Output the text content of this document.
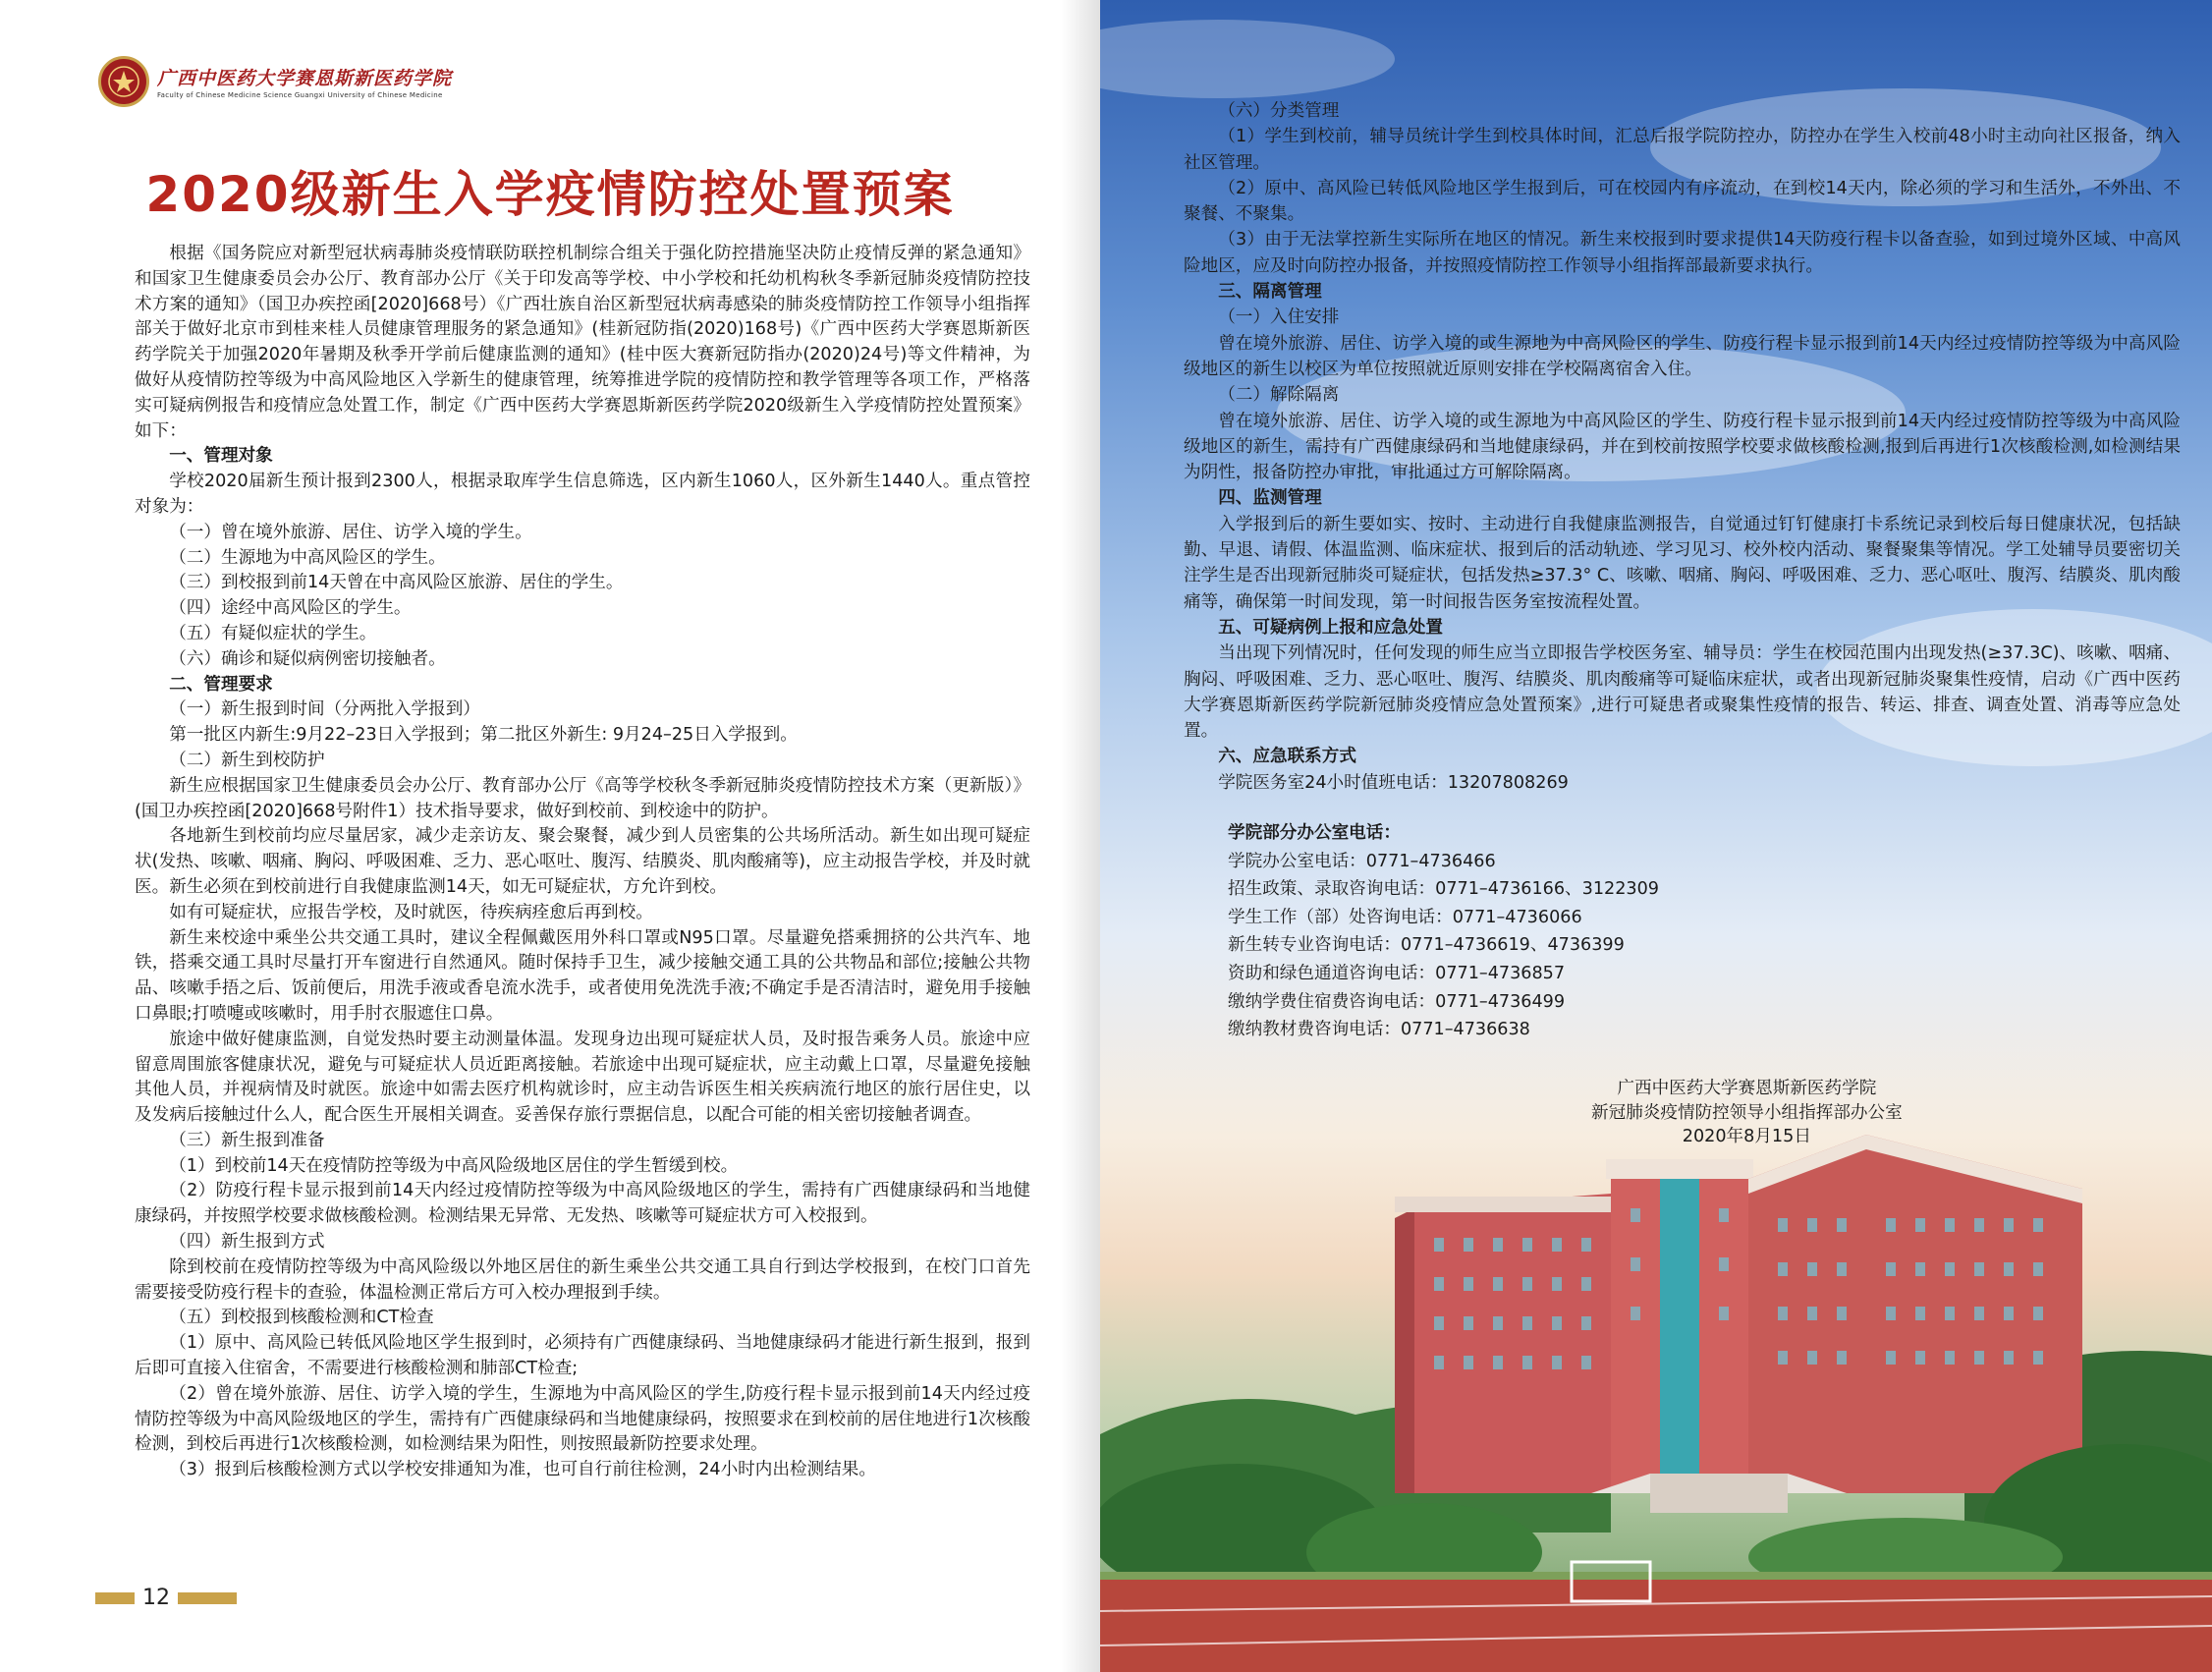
广西中医药大学赛恩斯新医药学院
Faculty of Chinese Medicine Science Guangxi University of Chinese Medicine
2020级新生入学疫情防控处置预案

根据《国务院应对新型冠状病毒肺炎疫情联防联控机制综合组关于强化防控措施坚决防止疫情反弹的紧急通知》和国家卫生健康委员会办公厅、教育部办公厅《关于印发高等学校、中小学校和托幼机构秋冬季新冠肺炎疫情防控技术方案的通知》（国卫办疾控函[2020]668号）《广西壮族自治区新型冠状病毒感染的肺炎疫情防控工作领导小组指挥部关于做好北京市到桂来桂人员健康管理服务的紧急通知》(桂新冠防指(2020)168号)《广西中医药大学赛恩斯新医药学院关于加强2020年暑期及秋季开学前后健康监测的通知》(桂中医大赛新冠防指办(2020)24号)等文件精神，为做好从疫情防控等级为中高风险地区入学新生的健康管理，统筹推进学院的疫情防控和教学管理等各项工作，严格落实可疑病例报告和疫情应急处置工作，制定《广西中医药大学赛恩斯新医药学院2020级新生入学疫情防控处置预案》如下：

一、管理对象

学校2020届新生预计报到2300人，根据录取库学生信息筛选，区内新生1060人，区外新生1440人。重点管控对象为：

（一）曾在境外旅游、居住、访学入境的学生。

（二）生源地为中高风险区的学生。

（三）到校报到前14天曾在中高风险区旅游、居住的学生。

（四）途经中高风险区的学生。

（五）有疑似症状的学生。

（六）确诊和疑似病例密切接触者。

二、管理要求

（一）新生报到时间（分两批入学报到）

第一批区内新生:9月22–23日入学报到；第二批区外新生: 9月24–25日入学报到。

（二）新生到校防护

新生应根据国家卫生健康委员会办公厅、教育部办公厅《高等学校秋冬季新冠肺炎疫情防控技术方案（更新版）》(国卫办疾控函[2020]668号附件1）技术指导要求，做好到校前、到校途中的防护。

各地新生到校前均应尽量居家，减少走亲访友、聚会聚餐，减少到人员密集的公共场所活动。新生如出现可疑症状(发热、咳嗽、咽痛、胸闷、呼吸困难、乏力、恶心呕吐、腹泻、结膜炎、肌肉酸痛等)，应主动报告学校，并及时就医。新生必须在到校前进行自我健康监测14天，如无可疑症状，方允许到校。

如有可疑症状，应报告学校，及时就医，待疾病痊愈后再到校。

新生来校途中乘坐公共交通工具时，建议全程佩戴医用外科口罩或N95口罩。尽量避免搭乘拥挤的公共汽车、地铁，搭乘交通工具时尽量打开车窗进行自然通风。随时保持手卫生，减少接触交通工具的公共物品和部位;接触公共物品、咳嗽手捂之后、饭前便后，用洗手液或香皂流水洗手，或者使用免洗洗手液;不确定手是否清洁时，避免用手接触口鼻眼;打喷嚏或咳嗽时，用手肘衣服遮住口鼻。

旅途中做好健康监测，自觉发热时要主动测量体温。发现身边出现可疑症状人员，及时报告乘务人员。旅途中应留意周围旅客健康状况，避免与可疑症状人员近距离接触。若旅途中出现可疑症状，应主动戴上口罩，尽量避免接触其他人员，并视病情及时就医。旅途中如需去医疗机构就诊时，应主动告诉医生相关疾病流行地区的旅行居住史，以及发病后接触过什么人，配合医生开展相关调查。妥善保存旅行票据信息，以配合可能的相关密切接触者调查。

（三）新生报到准备

（1）到校前14天在疫情防控等级为中高风险级地区居住的学生暂缓到校。

（2）防疫行程卡显示报到前14天内经过疫情防控等级为中高风险级地区的学生，需持有广西健康绿码和当地健康绿码，并按照学校要求做核酸检测。检测结果无异常、无发热、咳嗽等可疑症状方可入校报到。

（四）新生报到方式

除到校前在疫情防控等级为中高风险级以外地区居住的新生乘坐公共交通工具自行到达学校报到，在校门口首先需要接受防疫行程卡的查验，体温检测正常后方可入校办理报到手续。

（五）到校报到核酸检测和CT检查

（1）原中、高风险已转低风险地区学生报到时，必须持有广西健康绿码、当地健康绿码才能进行新生报到，报到后即可直接入住宿舍，不需要进行核酸检测和肺部CT检查;

（2）曾在境外旅游、居住、访学入境的学生，生源地为中高风险区的学生,防疫行程卡显示报到前14天内经过疫情防控等级为中高风险级地区的学生，需持有广西健康绿码和当地健康绿码，按照要求在到校前的居住地进行1次核酸检测，到校后再进行1次核酸检测，如检测结果为阳性，则按照最新防控要求处理。

（3）报到后核酸检测方式以学校安排通知为准，也可自行前往检测，24小时内出检测结果。

12

（六）分类管理

（1）学生到校前，辅导员统计学生到校具体时间，汇总后报学院防控办，防控办在学生入校前48小时主动向社区报备，纳入社区管理。

（2）原中、高风险已转低风险地区学生报到后，可在校园内有序流动，在到校14天内，除必须的学习和生活外，不外出、不聚餐、不聚集。

（3）由于无法掌控新生实际所在地区的情况。新生来校报到时要求提供14天防疫行程卡以备查验，如到过境外区域、中高风险地区，应及时向防控办报备，并按照疫情防控工作领导小组指挥部最新要求执行。

三、隔离管理

（一）入住安排

曾在境外旅游、居住、访学入境的或生源地为中高风险区的学生、防疫行程卡显示报到前14天内经过疫情防控等级为中高风险级地区的新生以校区为单位按照就近原则安排在学校隔离宿舍入住。

（二）解除隔离

曾在境外旅游、居住、访学入境的或生源地为中高风险区的学生、防疫行程卡显示报到前14天内经过疫情防控等级为中高风险级地区的新生，需持有广西健康绿码和当地健康绿码，并在到校前按照学校要求做核酸检测,报到后再进行1次核酸检测,如检测结果为阴性，报备防控办审批，审批通过方可解除隔离。

四、监测管理

入学报到后的新生要如实、按时、主动进行自我健康监测报告，自觉通过钉钉健康打卡系统记录到校后每日健康状况，包括缺勤、早退、请假、体温监测、临床症状、报到后的活动轨迹、学习见习、校外校内活动、聚餐聚集等情况。学工处辅导员要密切关注学生是否出现新冠肺炎可疑症状，包括发热≥37.3° C、咳嗽、咽痛、胸闷、呼吸困难、乏力、恶心呕吐、腹泻、结膜炎、肌肉酸痛等，确保第一时间发现，第一时间报告医务室按流程处置。

五、可疑病例上报和应急处置

当出现下列情况时，任何发现的师生应当立即报告学校医务室、辅导员：学生在校园范围内出现发热(≥37.3C)、咳嗽、咽痛、胸闷、呼吸困难、乏力、恶心呕吐、腹泻、结膜炎、肌肉酸痛等可疑临床症状，或者出现新冠肺炎聚集性疫情，启动《广西中医药大学赛恩斯新医药学院新冠肺炎疫情应急处置预案》,进行可疑患者或聚集性疫情的报告、转运、排查、调查处置、消毒等应急处置。

六、应急联系方式

学院医务室24小时值班电话：13207808269

学院部分办公室电话：

学院办公室电话：0771–4736466

招生政策、录取咨询电话：0771–4736166、3122309

学生工作（部）处咨询电话：0771–4736066

新生转专业咨询电话：0771–4736619、4736399

资助和绿色通道咨询电话：0771–4736857

缴纳学费住宿费咨询电话：0771–4736499

缴纳教材费咨询电话：0771–4736638

广西中医药大学赛恩斯新医药学院

新冠肺炎疫情防控领导小组指挥部办公室

2020年8月15日
